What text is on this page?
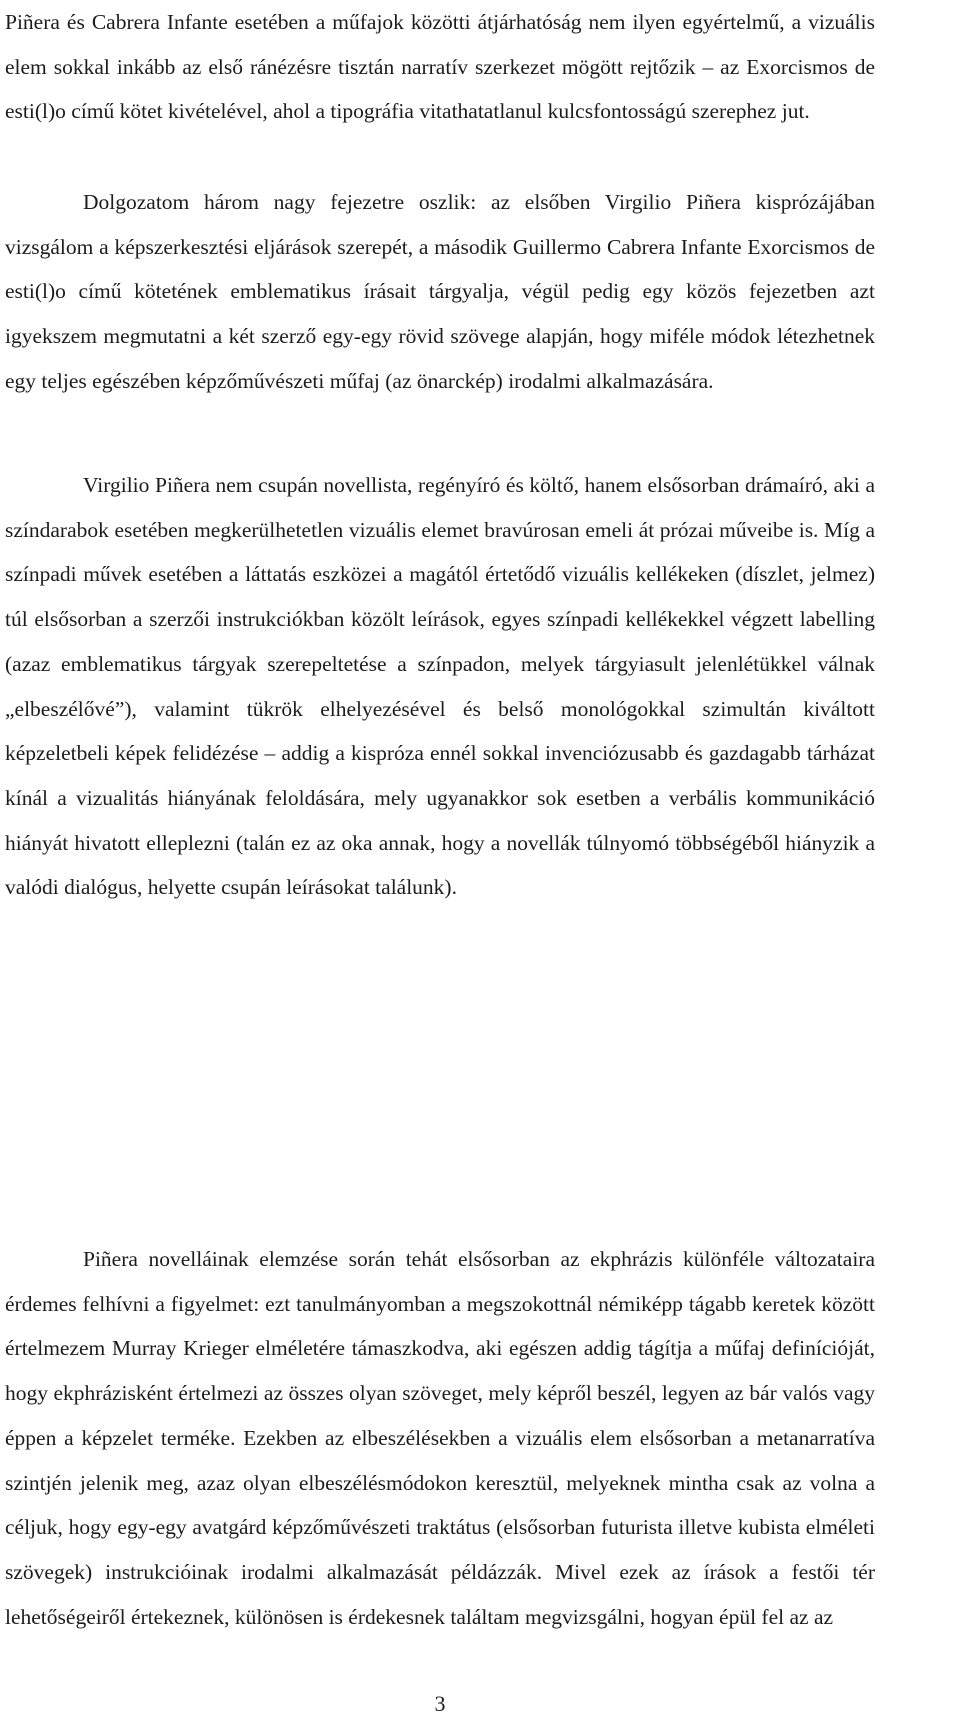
Piñera és Cabrera Infante esetében a műfajok közötti átjárhatóság nem ilyen egyértelmű, a vizuális elem sokkal inkább az első ránézésre tisztán narratív szerkezet mögött rejtőzik – az Exorcismos de esti(l)o című kötet kivételével, ahol a tipográfia vitathatatlanul kulcsfontosságú szerephez jut.

Dolgozatom három nagy fejezetre oszlik: az elsőben Virgilio Piñera kisprózájában vizsgálom a képszerkesztési eljárások szerepét, a második Guillermo Cabrera Infante Exorcismos de esti(l)o című kötetének emblematikus írásait tárgyalja, végül pedig egy közös fejezetben azt igyekszem megmutatni a két szerző egy-egy rövid szövege alapján, hogy miféle módok létezhetnek egy teljes egészében képzőművészeti műfaj (az önarckép) irodalmi alkalmazására.

Virgilio Piñera nem csupán novellista, regényíró és költő, hanem elsősorban drámaíró, aki a színdarabok esetében megkerülhetetlen vizuális elemet bravúrosan emeli át prózai műveibe is. Míg a színpadi művek esetében a láttatás eszközei a magától értetődő vizuális kellékeken (díszlet, jelmez) túl elsősorban a szerzői instrukciókban közölt leírások, egyes színpadi kellékekkel végzett labelling (azaz emblematikus tárgyak szerepeltetése a színpadon, melyek tárgyiasult jelenlétükkel válnak „elbeszélővé”), valamint tükrök elhelyezésével és belső monológokkal szimultán kiváltott képzeletbeli képek felidézése – addig a kispróza ennél sokkal invenciózusabb és gazdagabb tárházat kínál a vizualitás hiányának feloldására, mely ugyanakkor sok esetben a verbális kommunikáció hiányát hivatott elleplezni (talán ez az oka annak, hogy a novellák túlnyomó többségéből hiányzik a valódi dialógus, helyette csupán leírásokat találunk).

Piñera novelláinak elemzése során tehát elsősorban az ekphrázis különféle változataira érdemes felhívni a figyelmet: ezt tanulmányomban a megszokottnál némiképp tágabb keretek között értelmezem Murray Krieger elméletére támaszkodva, aki egészen addig tágítja a műfaj definícióját, hogy ekphrázisként értelmezi az összes olyan szöveget, mely képről beszél, legyen az bár valós vagy éppen a képzelet terméke. Ezekben az elbeszélésekben a vizuális elem elsősorban a metanarratíva szintjén jelenik meg, azaz olyan elbeszélésmódokon keresztül, melyeknek mintha csak az volna a céljuk, hogy egy-egy avatgárd képzőművészeti traktátus (elsősorban futurista illetve kubista elméleti szövegek) instrukcióinak irodalmi alkalmazását példázzák. Mivel ezek az írások a festői tér lehetőségeiről értekeznek, különösen is érdekesnek találtam megvizsgálni, hogyan épül fel az az

3
